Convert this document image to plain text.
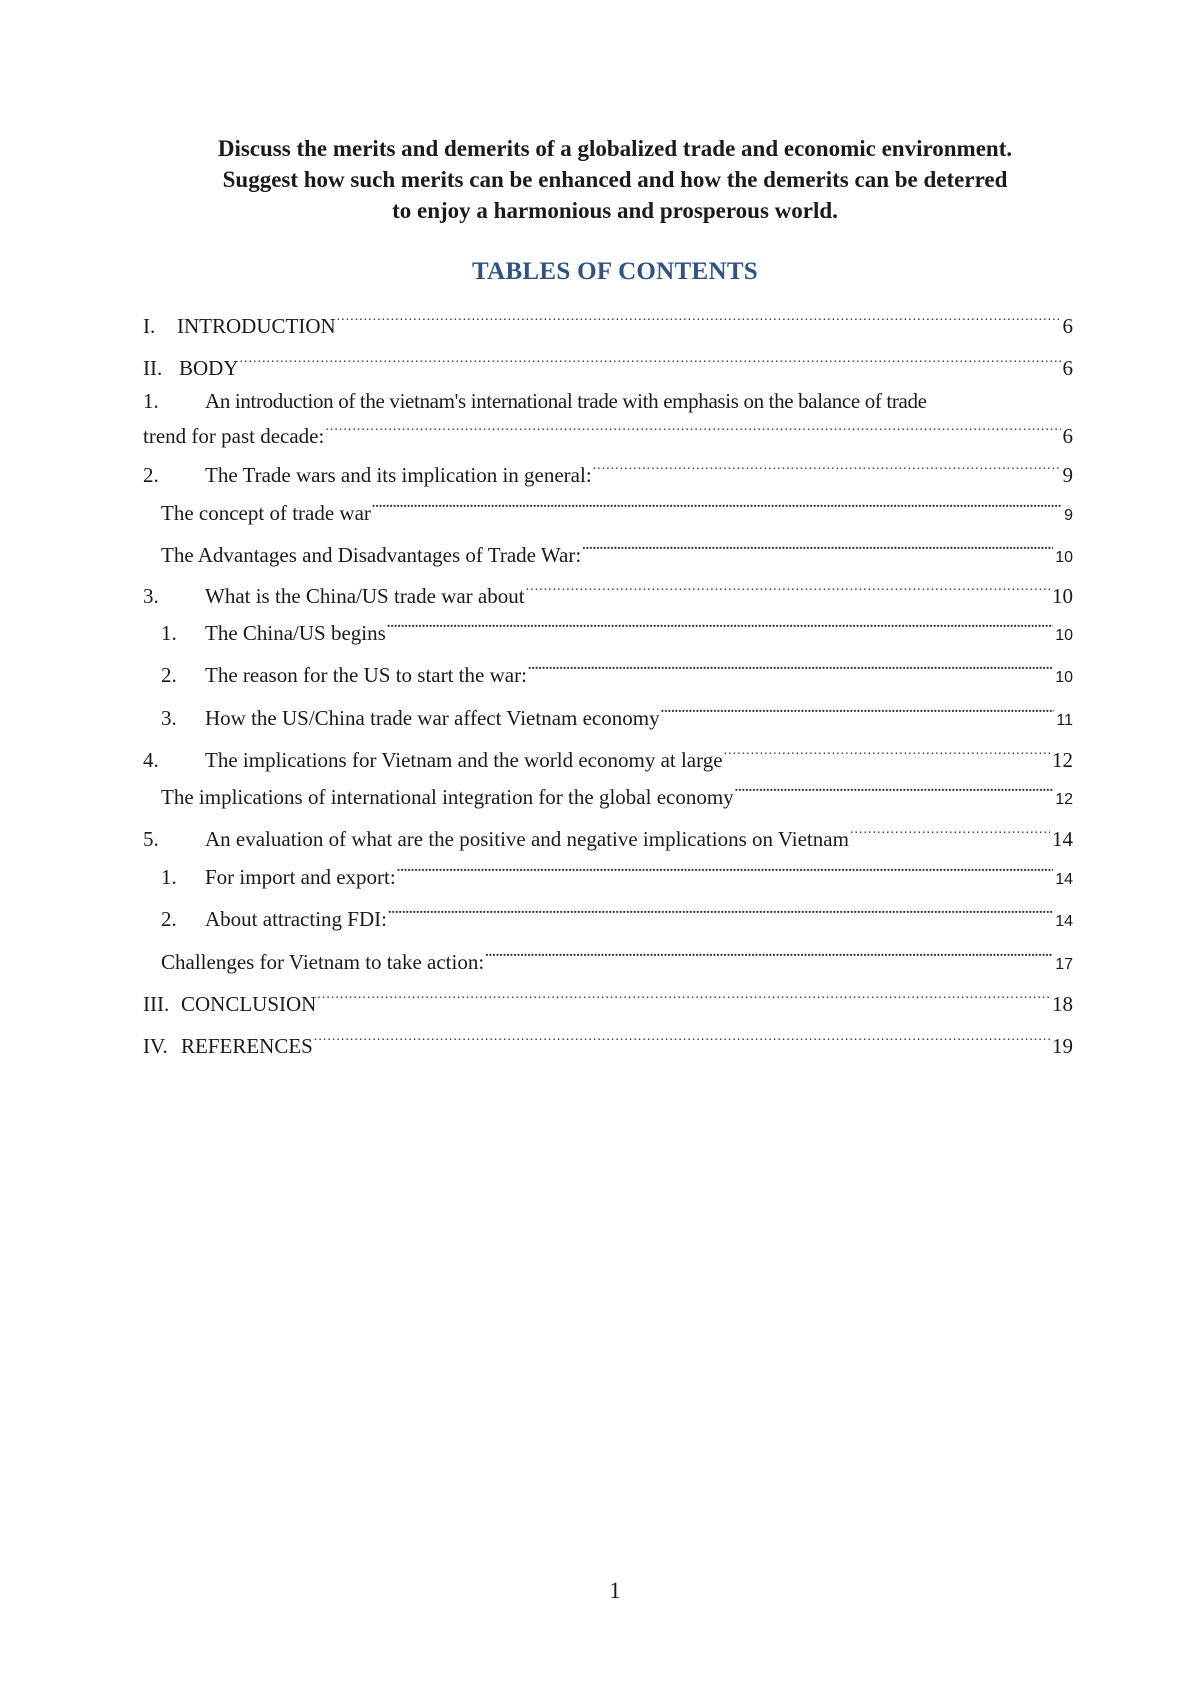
Discuss the merits and demerits of a globalized trade and economic environment.
Suggest how such merits can be enhanced and how the demerits can be deterred
to enjoy a harmonious and prosperous world.
TABLES OF CONTENTS
I.	INTRODUCTION .....	6
II. BODY .....	6
1.	An introduction of the vietnam's international trade with emphasis on the balance of trade
trend for past decade: .....	6
2.	The Trade wars and its implication in general: .....	9
The concept of trade war .....	9
The Advantages and Disadvantages of Trade War: .....	10
3.	What is the China/US trade war about .....	10
1.	The China/US begins .....	10
2.	The reason for the US to start the war: .....	10
3.	How the US/China trade war affect Vietnam economy .....	11
4.	The implications for Vietnam and the world economy at large .....	12
The implications of international integration for the global economy .....	12
5.	An evaluation of what are the positive and negative implications on Vietnam .....	14
1.	For import and export: .....	14
2.	About attracting FDI: .....	14
Challenges for Vietnam to take action: .....	17
III. CONCLUSION .....	18
IV. REFERENCES .....	19
1
